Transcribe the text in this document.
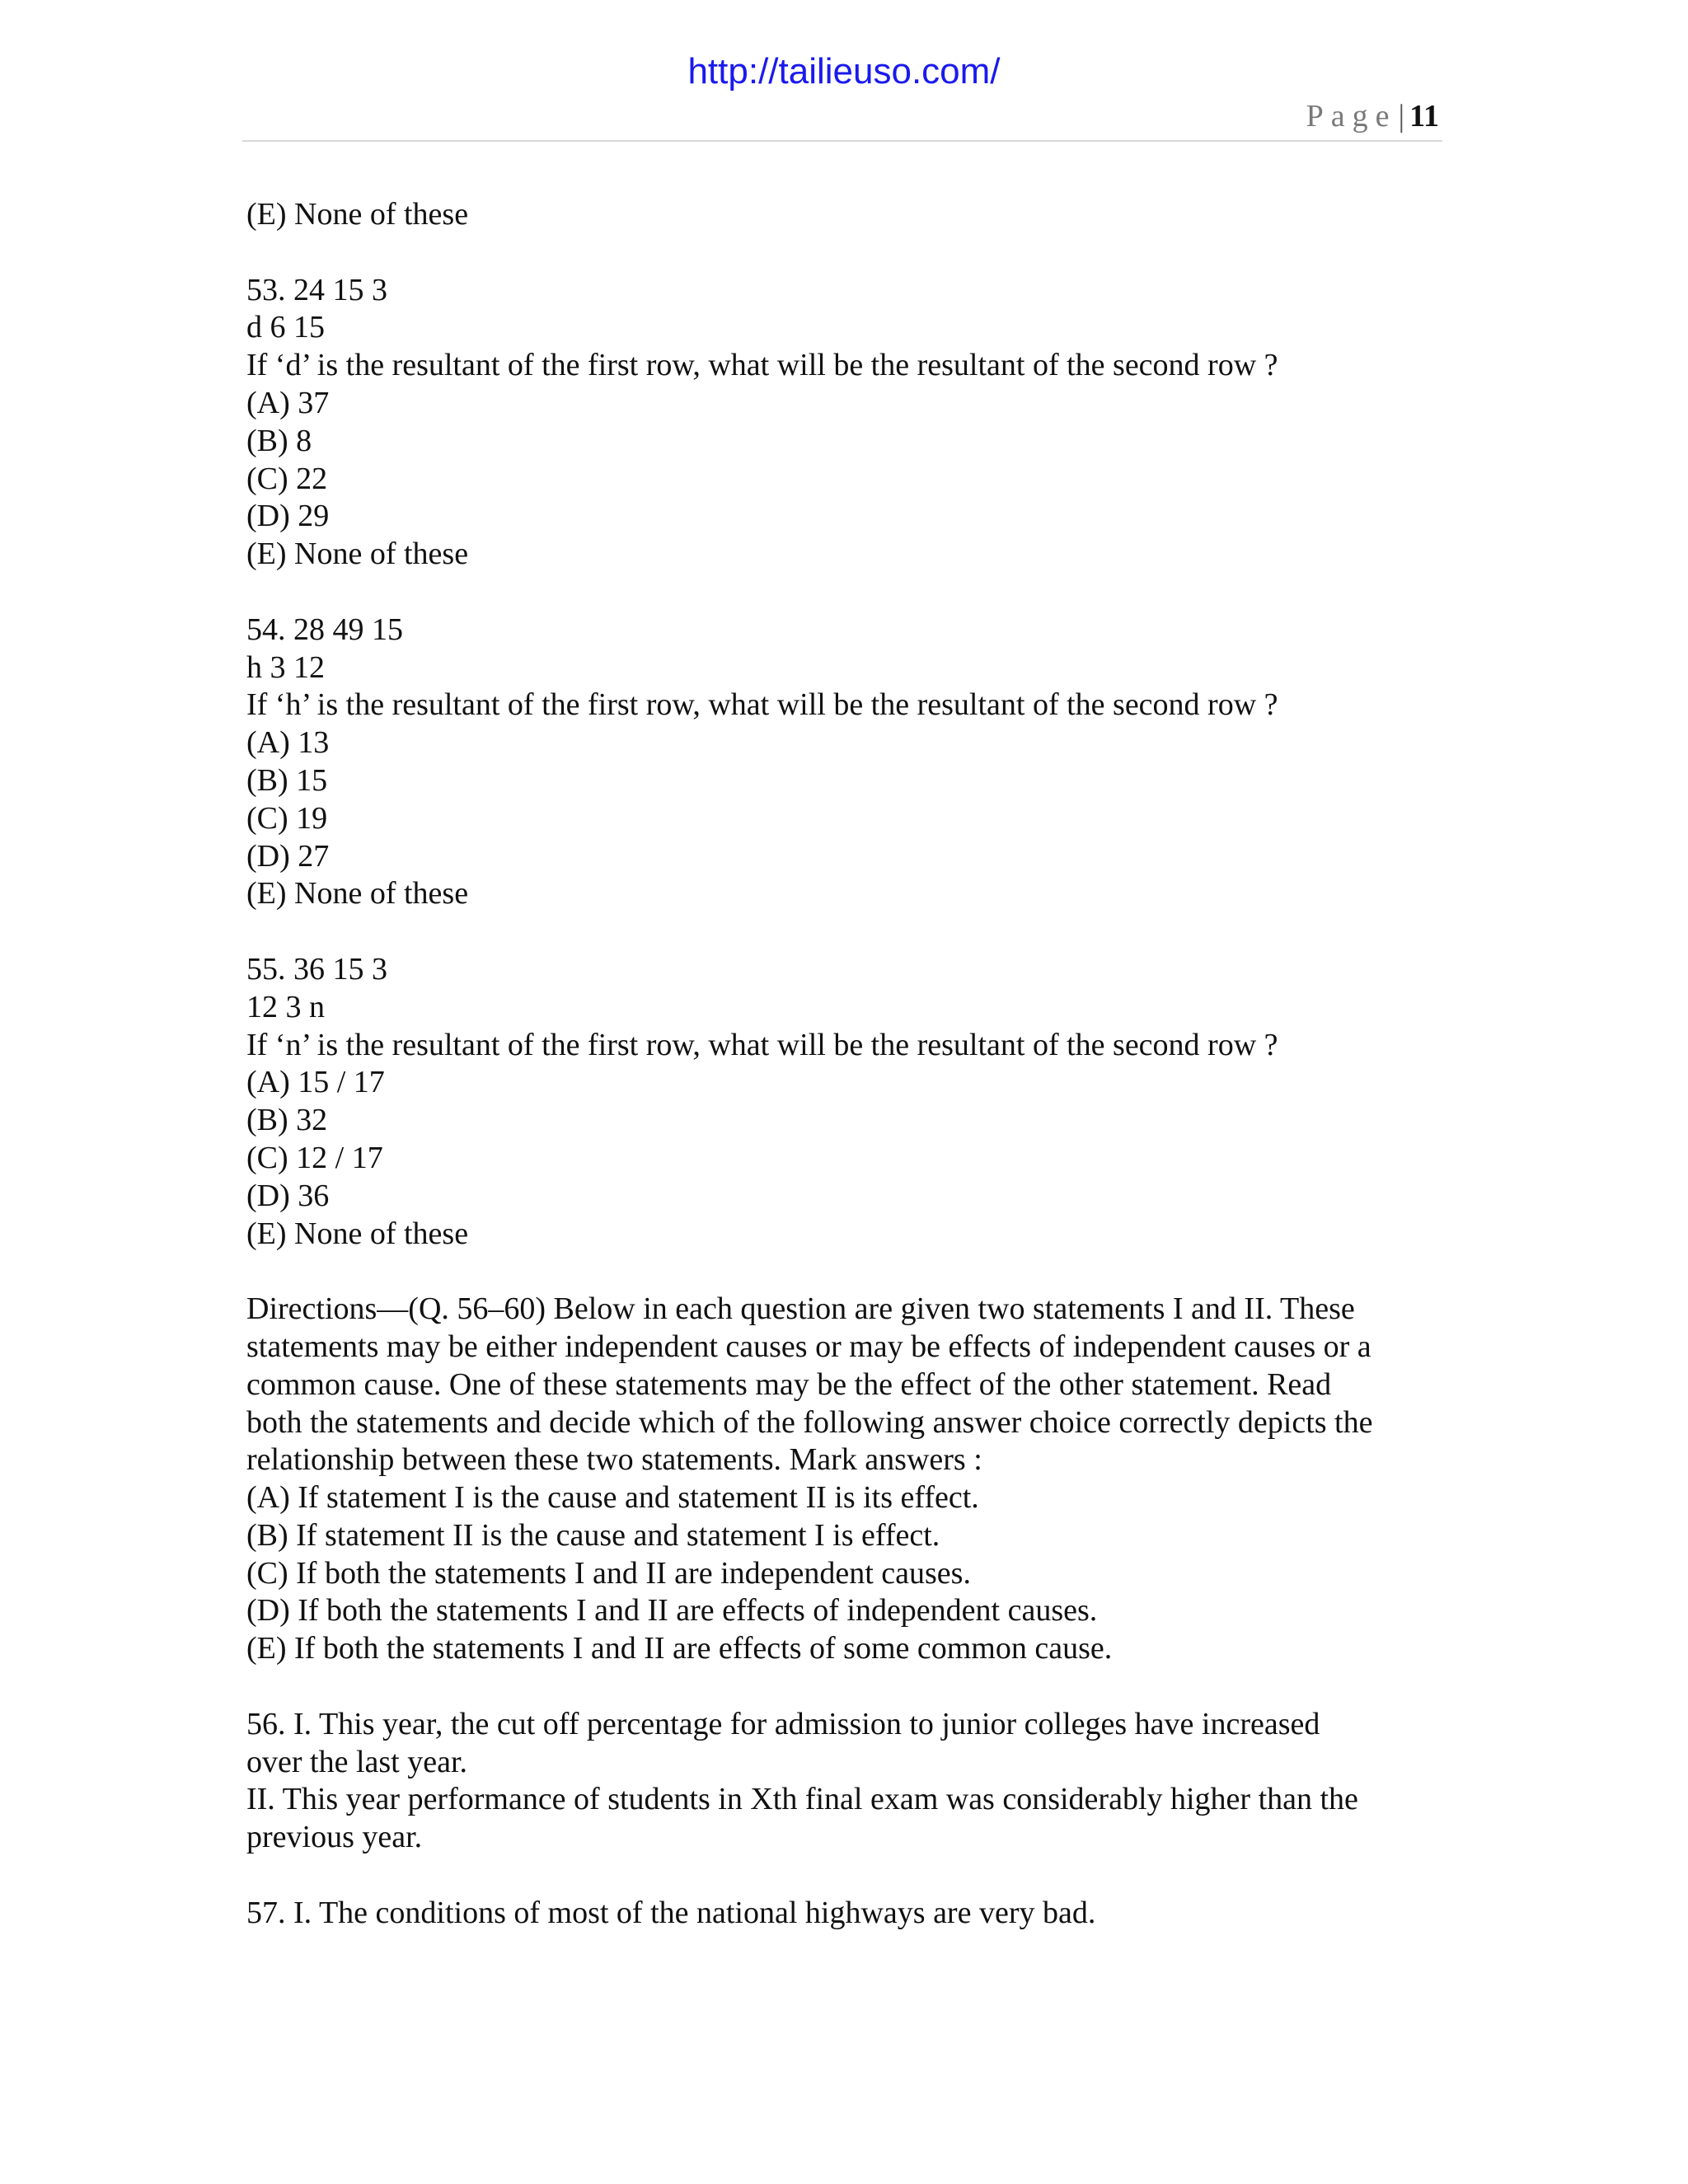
http://tailieuso.com/
Page| 11
(E) None of these
53. 24 15 3
d 6 15
If ‘d’ is the resultant of the first row, what will be the resultant of the second row ?
(A) 37
(B) 8
(C) 22
(D) 29
(E) None of these
54. 28 49 15
h 3 12
If ‘h’ is the resultant of the first row, what will be the resultant of the second row ?
(A) 13
(B) 15
(C) 19
(D) 27
(E) None of these
55. 36 15 3
12 3 n
If ‘n’ is the resultant of the first row, what will be the resultant of the second row ?
(A) 15 / 17
(B) 32
(C) 12 / 17
(D) 36
(E) None of these
Directions—(Q. 56–60) Below in each question are given two statements I and II. These
statements may be either independent causes or may be effects of independent causes or a
common cause. One of these statements may be the effect of the other statement. Read
both the statements and decide which of the following answer choice correctly depicts the
relationship between these two statements. Mark answers :
(A) If statement I is the cause and statement II is its effect.
(B) If statement II is the cause and statement I is effect.
(C) If both the statements I and II are independent causes.
(D) If both the statements I and II are effects of independent causes.
(E) If both the statements I and II are effects of some common cause.
56. I. This year, the cut off percentage for admission to junior colleges have increased
over the last year.
II. This year performance of students in Xth final exam was considerably higher than the
previous year.
57. I. The conditions of most of the national highways are very bad.
